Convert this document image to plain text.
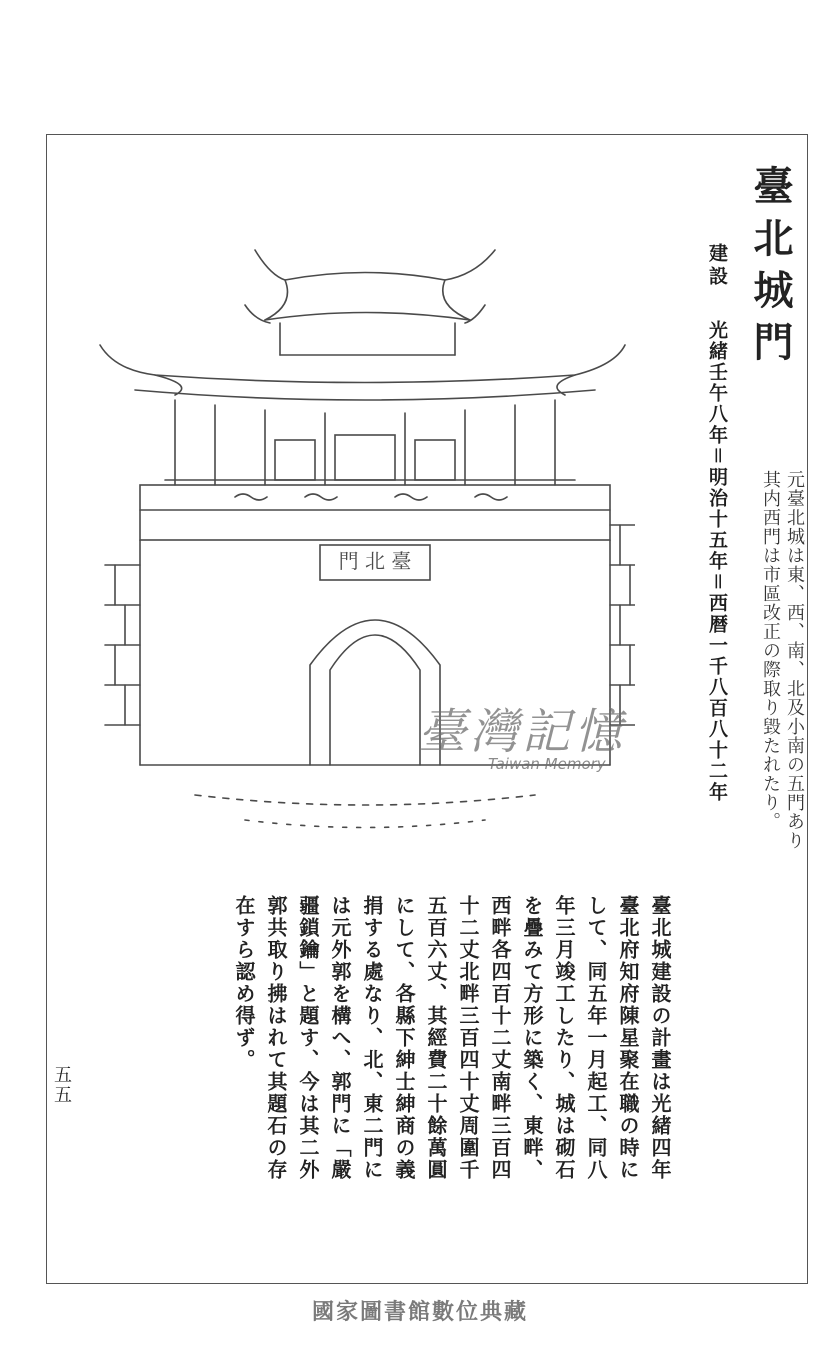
臺北城門
元臺北城は東、西、南、北及小南の五門あり其内西門は市區改正の際取り毀たれたり。
建設
光緒壬午八年＝明治十五年＝西暦一千八百八十二年
門 北 臺
臺灣記憶
Taiwan Memory
臺北城建設の計畫は光緒四年臺北府知府陳星聚在職の時にして、同五年一月起工、同八年三月竣工したり、城は砌石を疊みて方形に築く、東畔、西畔各四百十二丈南畔三百四十二丈北畔三百四十丈周圍千五百六丈、其經費二十餘萬圓にして、各縣下紳士紳商の義捐する處なり、北、東二門には元外郭を構へ、郭門に「嚴疆鎖鑰」と題す、今は其二外郭共取り拂はれて其題石の存在すら認め得ず。
五五
國家圖書館數位典藏
